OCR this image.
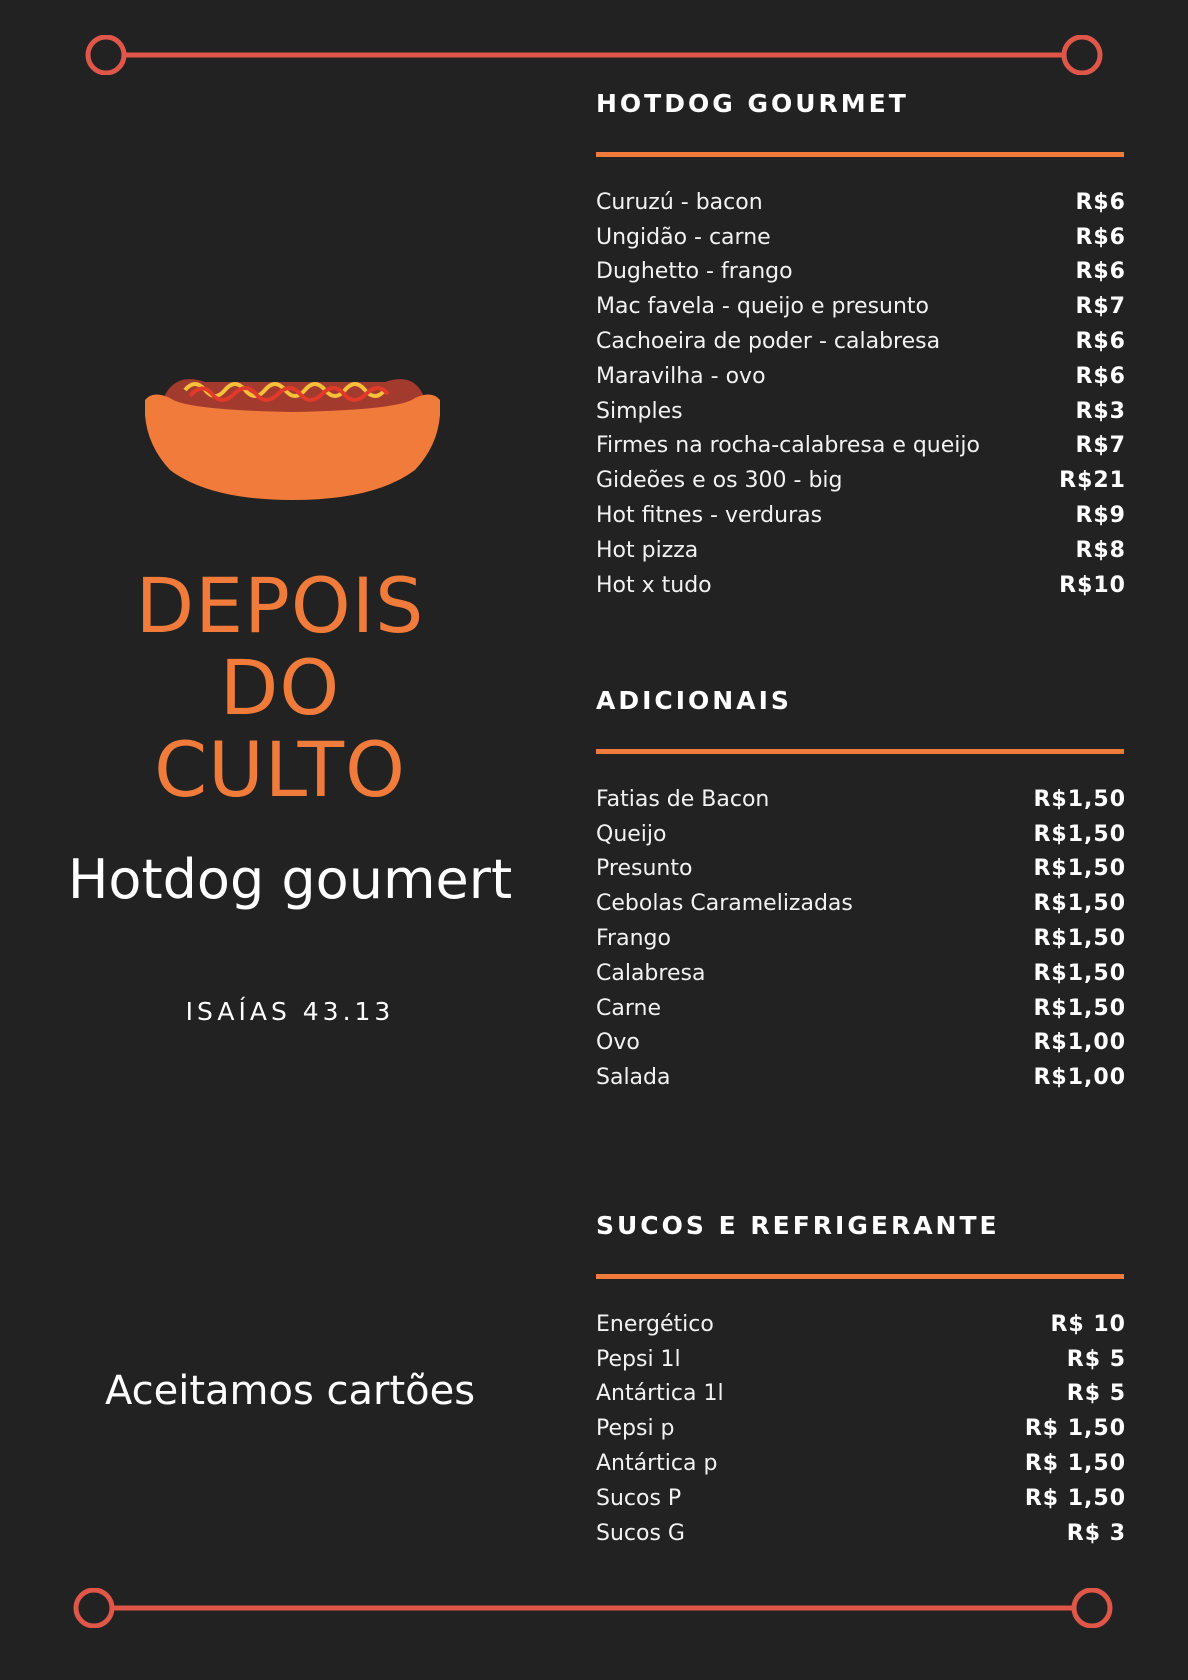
DEPOIS
DO
CULTO
Hotdog goumert
ISAÍAS 43.13
Aceitamos cartões
HOTDOG GOURMET
Curuzú - bacon	R$6
Ungidão - carne	R$6
Dughetto - frango	R$6
Mac favela - queijo e presunto	R$7
Cachoeira de poder - calabresa	R$6
Maravilha - ovo	R$6
Simples	R$3
Firmes na rocha-calabresa e queijo	R$7
Gideões e os 300 - big	R$21
Hot fitnes - verduras	R$9
Hot pizza	R$8
Hot x tudo	R$10
ADICIONAIS
Fatias de Bacon	R$1,50
Queijo	R$1,50
Presunto	R$1,50
Cebolas Caramelizadas	R$1,50
Frango	R$1,50
Calabresa	R$1,50
Carne	R$1,50
Ovo	R$1,00
Salada	R$1,00
SUCOS E REFRIGERANTE
Energético	R$ 10
Pepsi 1l	R$ 5
Antártica 1l	R$ 5
Pepsi p	R$ 1,50
Antártica p	R$ 1,50
Sucos P	R$ 1,50
Sucos G	R$ 3
